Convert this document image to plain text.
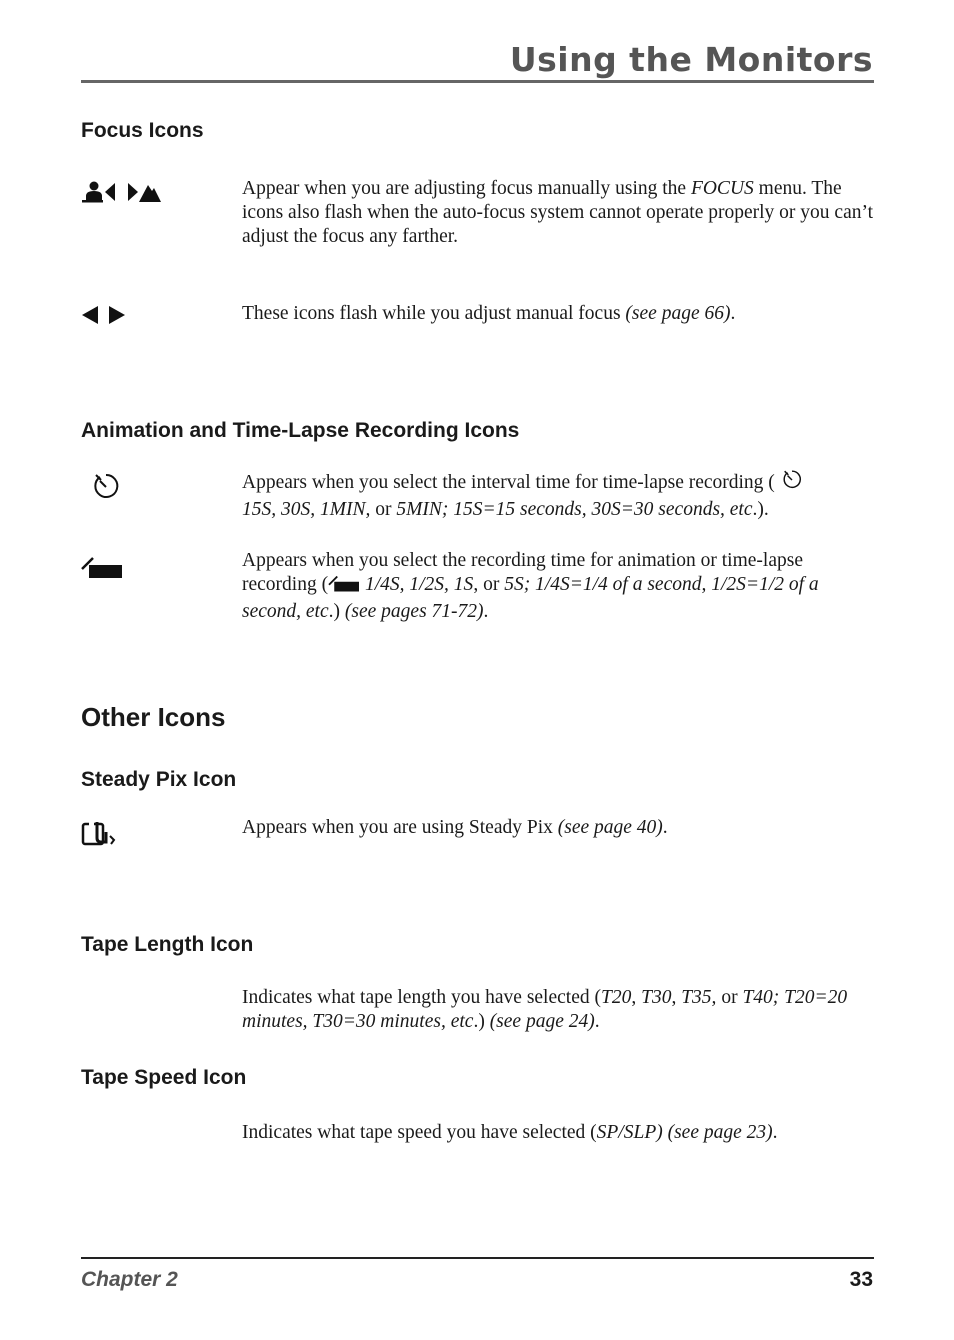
Using the Monitors
Focus Icons
Appear when you are adjusting focus manually using the FOCUS menu. The icons also flash when the auto-focus system cannot operate properly or you can’t adjust the focus any farther.
These icons flash while you adjust manual focus (see page 66).
Animation and Time-Lapse Recording Icons
Appears when you select the interval time for time-lapse recording (
15S, 30S, 1MIN, or 5MIN; 15S=15 seconds, 30S=30 seconds, etc.).
Appears when you select the recording time for animation or time-lapse recording ( 1/4S, 1/2S, 1S, or 5S; 1/4S=1/4 of a second, 1/2S=1/2 of a second, etc.) (see pages 71-72).
Other Icons
Steady Pix Icon
Appears when you are using Steady Pix (see page 40).
Tape Length Icon
Indicates what tape length you have selected (T20, T30, T35, or T40; T20=20 minutes, T30=30 minutes, etc.) (see page 24).
Tape Speed Icon
Indicates what tape speed you have selected (SP/SLP) (see page 23).
Chapter 2	33
